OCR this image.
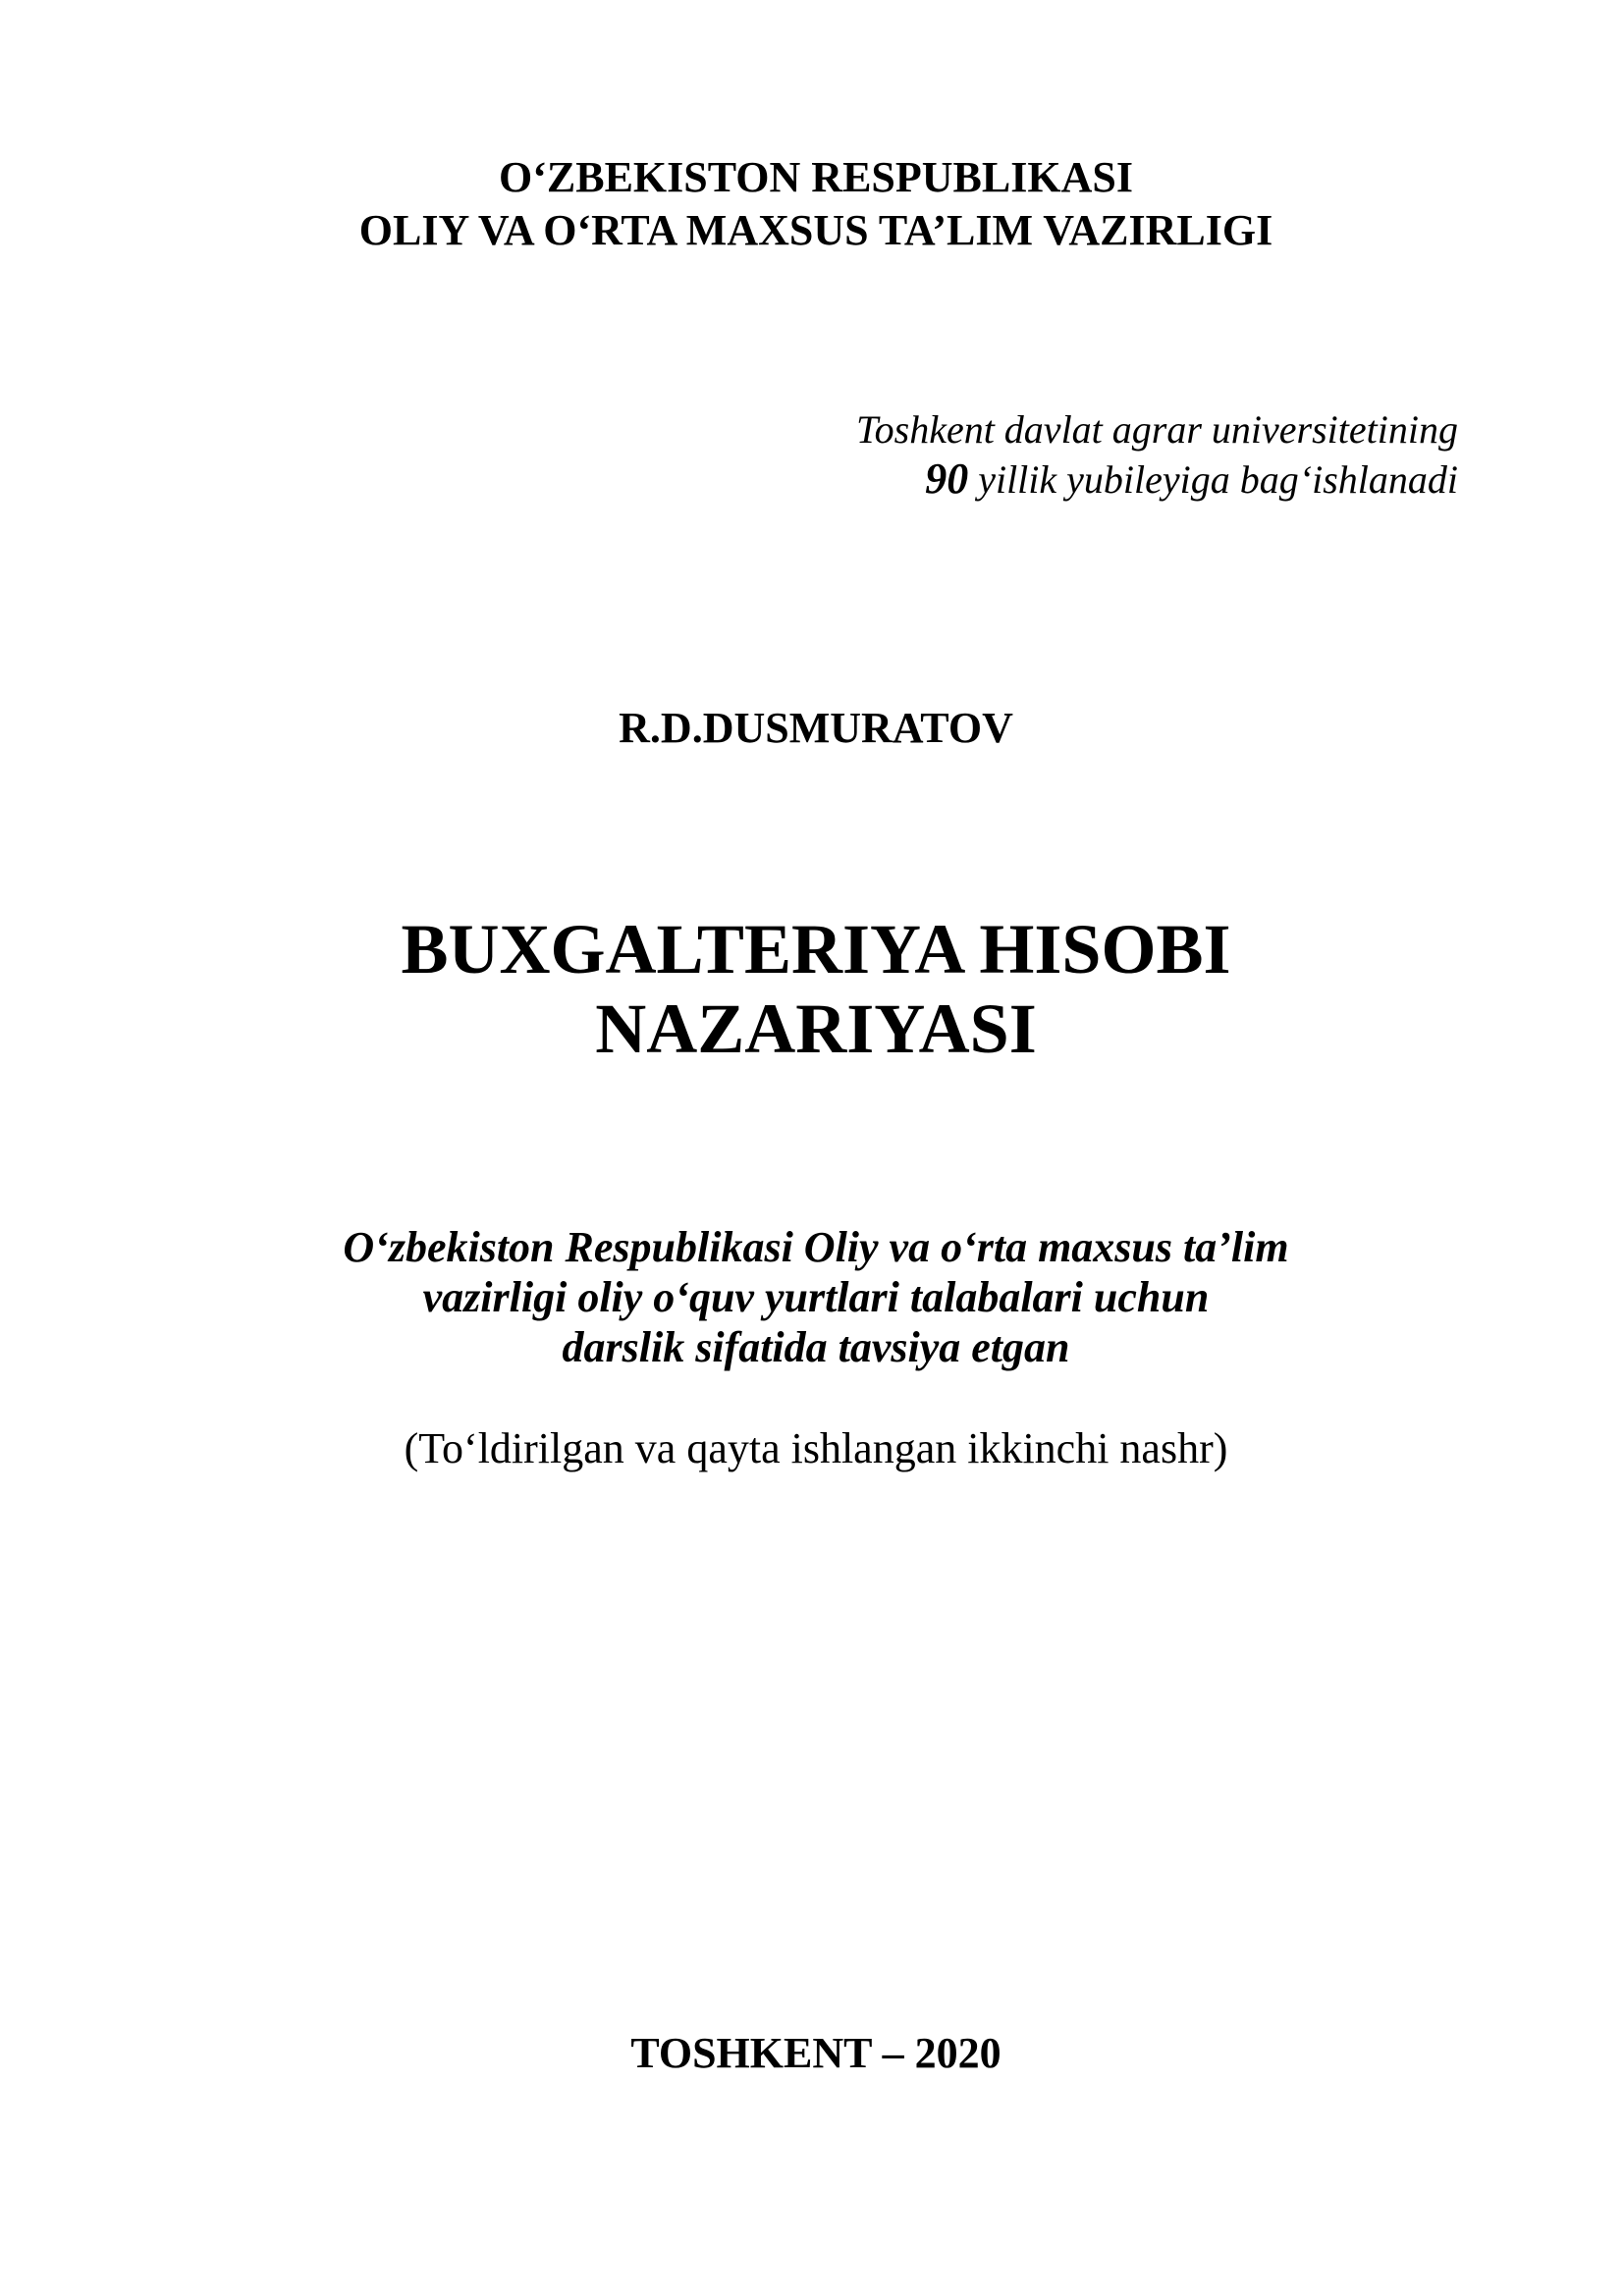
O‘ZBEKISTON RESPUBLIKASI
OLIY VA O‘RTA MAXSUS TA’LIM VAZIRLIGI
Toshkent davlat agrar universitetining
90 yillik yubileyiga bag‘ishlanadi
R.D.DUSMURATOV
BUXGALTERIYA HISOBI
NAZARIYASI
O‘zbekiston Respublikasi Oliy va o‘rta maxsus ta’lim
vazirligi oliy o‘quv yurtlari talabalari uchun
darslik sifatida tavsiya etgan
(To‘ldirilgan va qayta ishlangan ikkinchi nashr)
TOSHKENT – 2020
